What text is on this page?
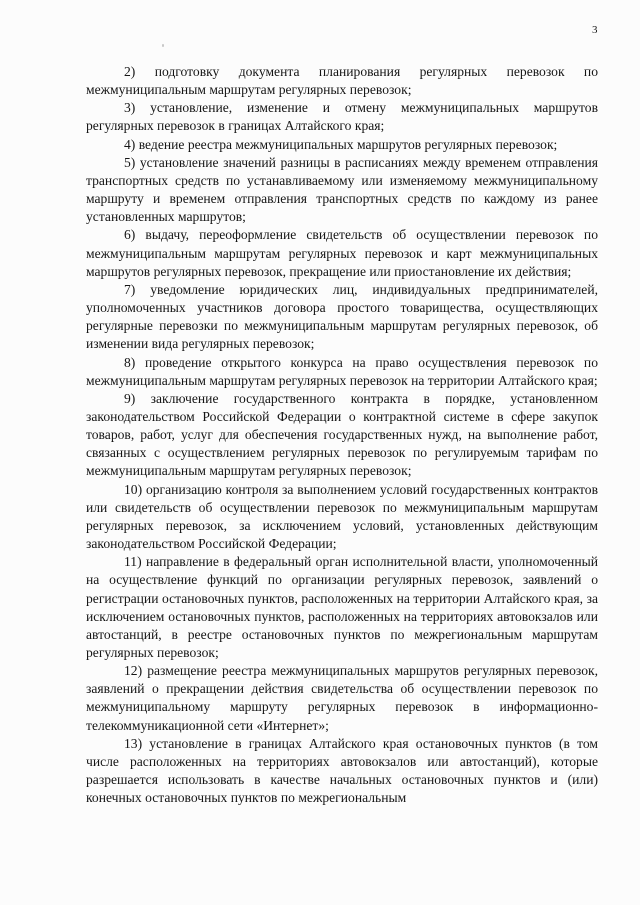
3

2) подготовку документа планирования регулярных перевозок по межмуниципальным маршрутам регулярных перевозок;

3) установление, изменение и отмену межмуниципальных маршрутов регулярных перевозок в границах Алтайского края;

4) ведение реестра межмуниципальных маршрутов регулярных перевозок;

5) установление значений разницы в расписаниях между временем отправления транспортных средств по устанавливаемому или изменяемому межмуниципальному маршруту и временем отправления транспортных средств по каждому из ранее установленных маршрутов;

6) выдачу, переоформление свидетельств об осуществлении перевозок по межмуниципальным маршрутам регулярных перевозок и карт межмуниципальных маршрутов регулярных перевозок, прекращение или приостановление их действия;

7) уведомление юридических лиц, индивидуальных предпринимателей, уполномоченных участников договора простого товарищества, осуществляющих регулярные перевозки по межмуниципальным маршрутам регулярных перевозок, об изменении вида регулярных перевозок;

8) проведение открытого конкурса на право осуществления перевозок по межмуниципальным маршрутам регулярных перевозок на территории Алтайского края;

9) заключение государственного контракта в порядке, установленном законодательством Российской Федерации о контрактной системе в сфере закупок товаров, работ, услуг для обеспечения государственных нужд, на выполнение работ, связанных с осуществлением регулярных перевозок по регулируемым тарифам по межмуниципальным маршрутам регулярных перевозок;

10) организацию контроля за выполнением условий государственных контрактов или свидетельств об осуществлении перевозок по межмуниципальным маршрутам регулярных перевозок, за исключением условий, установленных действующим законодательством Российской Федерации;

11) направление в федеральный орган исполнительной власти, уполномоченный на осуществление функций по организации регулярных перевозок, заявлений о регистрации остановочных пунктов, расположенных на территории Алтайского края, за исключением остановочных пунктов, расположенных на территориях автовокзалов или автостанций, в реестре остановочных пунктов по межрегиональным маршрутам регулярных перевозок;

12) размещение реестра межмуниципальных маршрутов регулярных перевозок, заявлений о прекращении действия свидетельства об осуществлении перевозок по межмуниципальному маршруту регулярных перевозок в информационно-телекоммуникационной сети «Интернет»;

13) установление в границах Алтайского края остановочных пунктов (в том числе расположенных на территориях автовокзалов или автостанций), которые разрешается использовать в качестве начальных остановочных пунктов и (или) конечных остановочных пунктов по межрегиональным
